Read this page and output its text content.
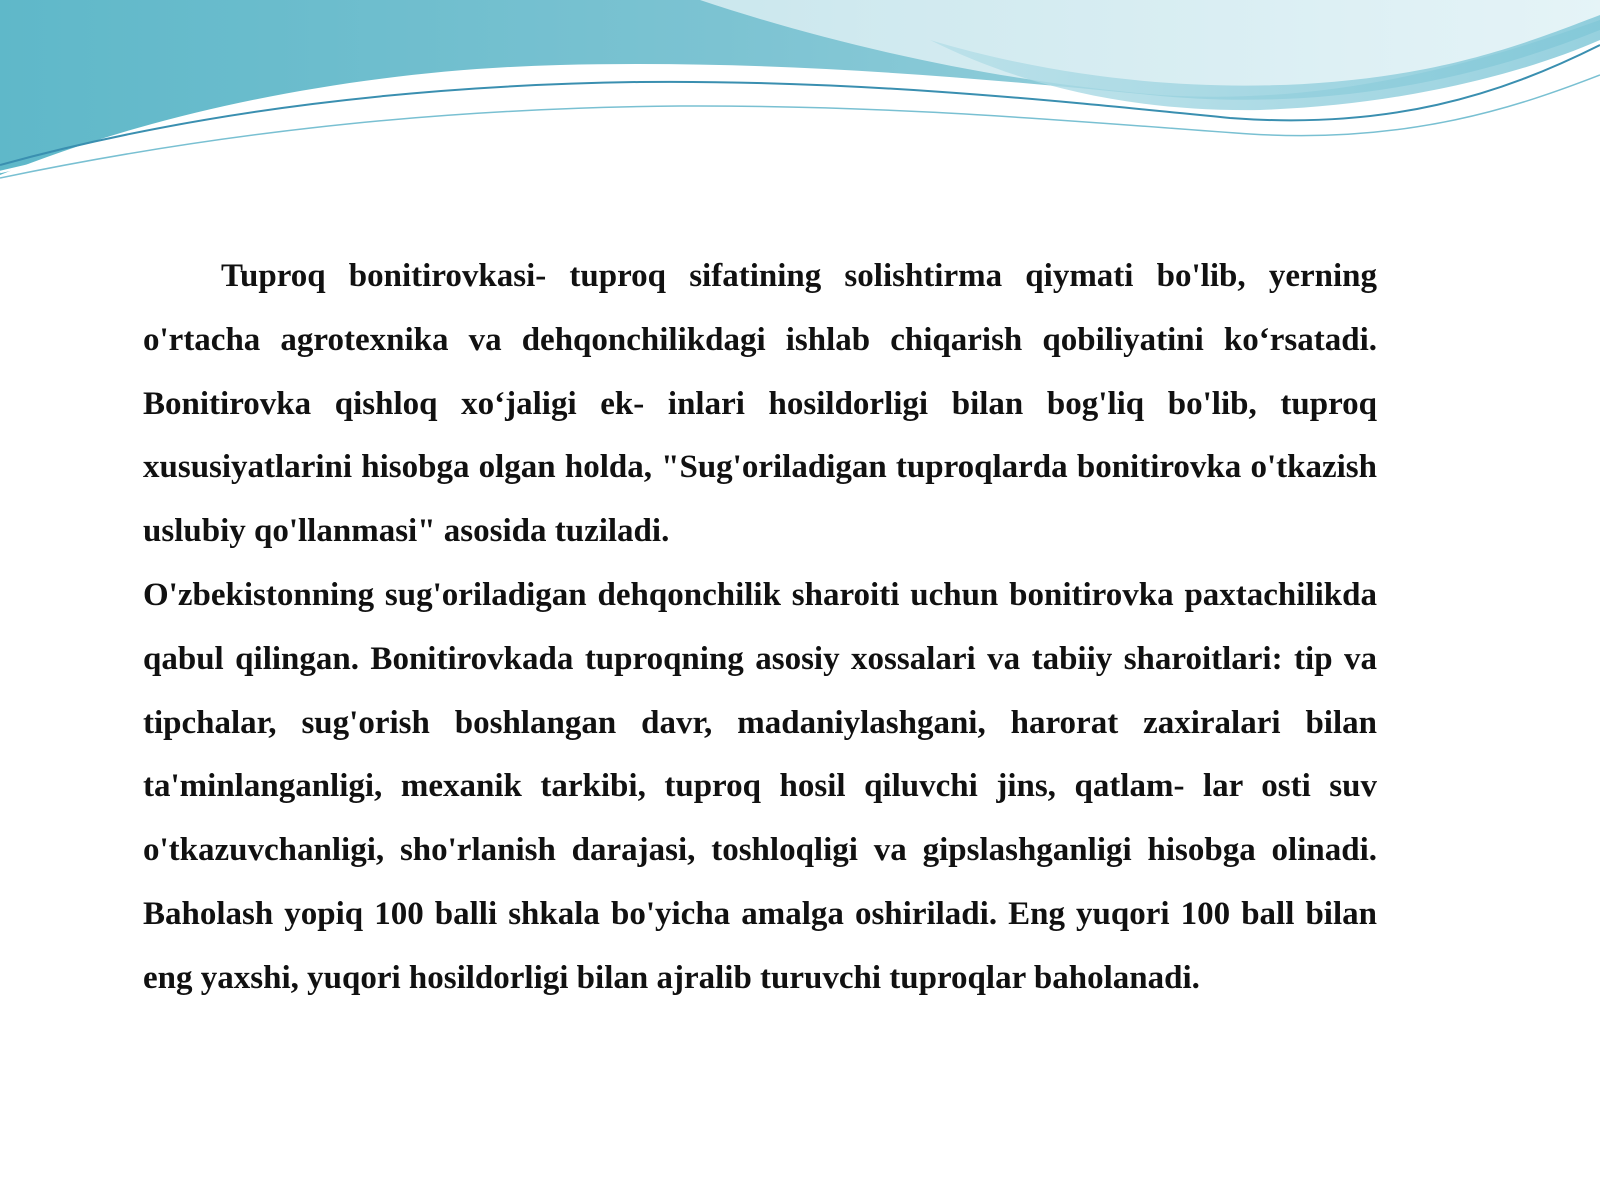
Tuproq bonitirovkasi- tuproq sifatining solishtirma qiymati bo'lib, yerning o'rtacha agrotexnika va dehqonchilikdagi ishlab chiqarish qobiliyatini ko‘rsatadi. Bonitirovka qishloq xo‘jaligi ek- inlari hosildorligi bilan bog'liq bo'lib, tuproq xususiyatlarini hisobga olgan holda, "Sug'oriladigan tuproqlarda bonitirovka o'tkazish uslubiy qo'llanmasi" asosida tuziladi.

O'zbekistonning sug'oriladigan dehqonchilik sharoiti uchun bonitirovka paxtachilikda qabul qilingan. Bonitirovkada tuproqning asosiy xossalari va tabiiy sharoitlari: tip va tipchalar, sug'orish boshlangan davr, madaniylashgani, harorat zaxiralari bilan ta'minlanganligi, mexanik tarkibi, tuproq hosil qiluvchi jins, qatlam- lar osti suv o'tkazuvchanligi, sho'rlanish darajasi, toshloqligi va gipslashganligi hisobga olinadi. Baholash yopiq 100 balli shkala bo'yicha amalga oshiriladi. Eng yuqori 100 ball bilan eng yaxshi, yuqori hosildorligi bilan ajralib turuvchi tuproqlar baholanadi.
